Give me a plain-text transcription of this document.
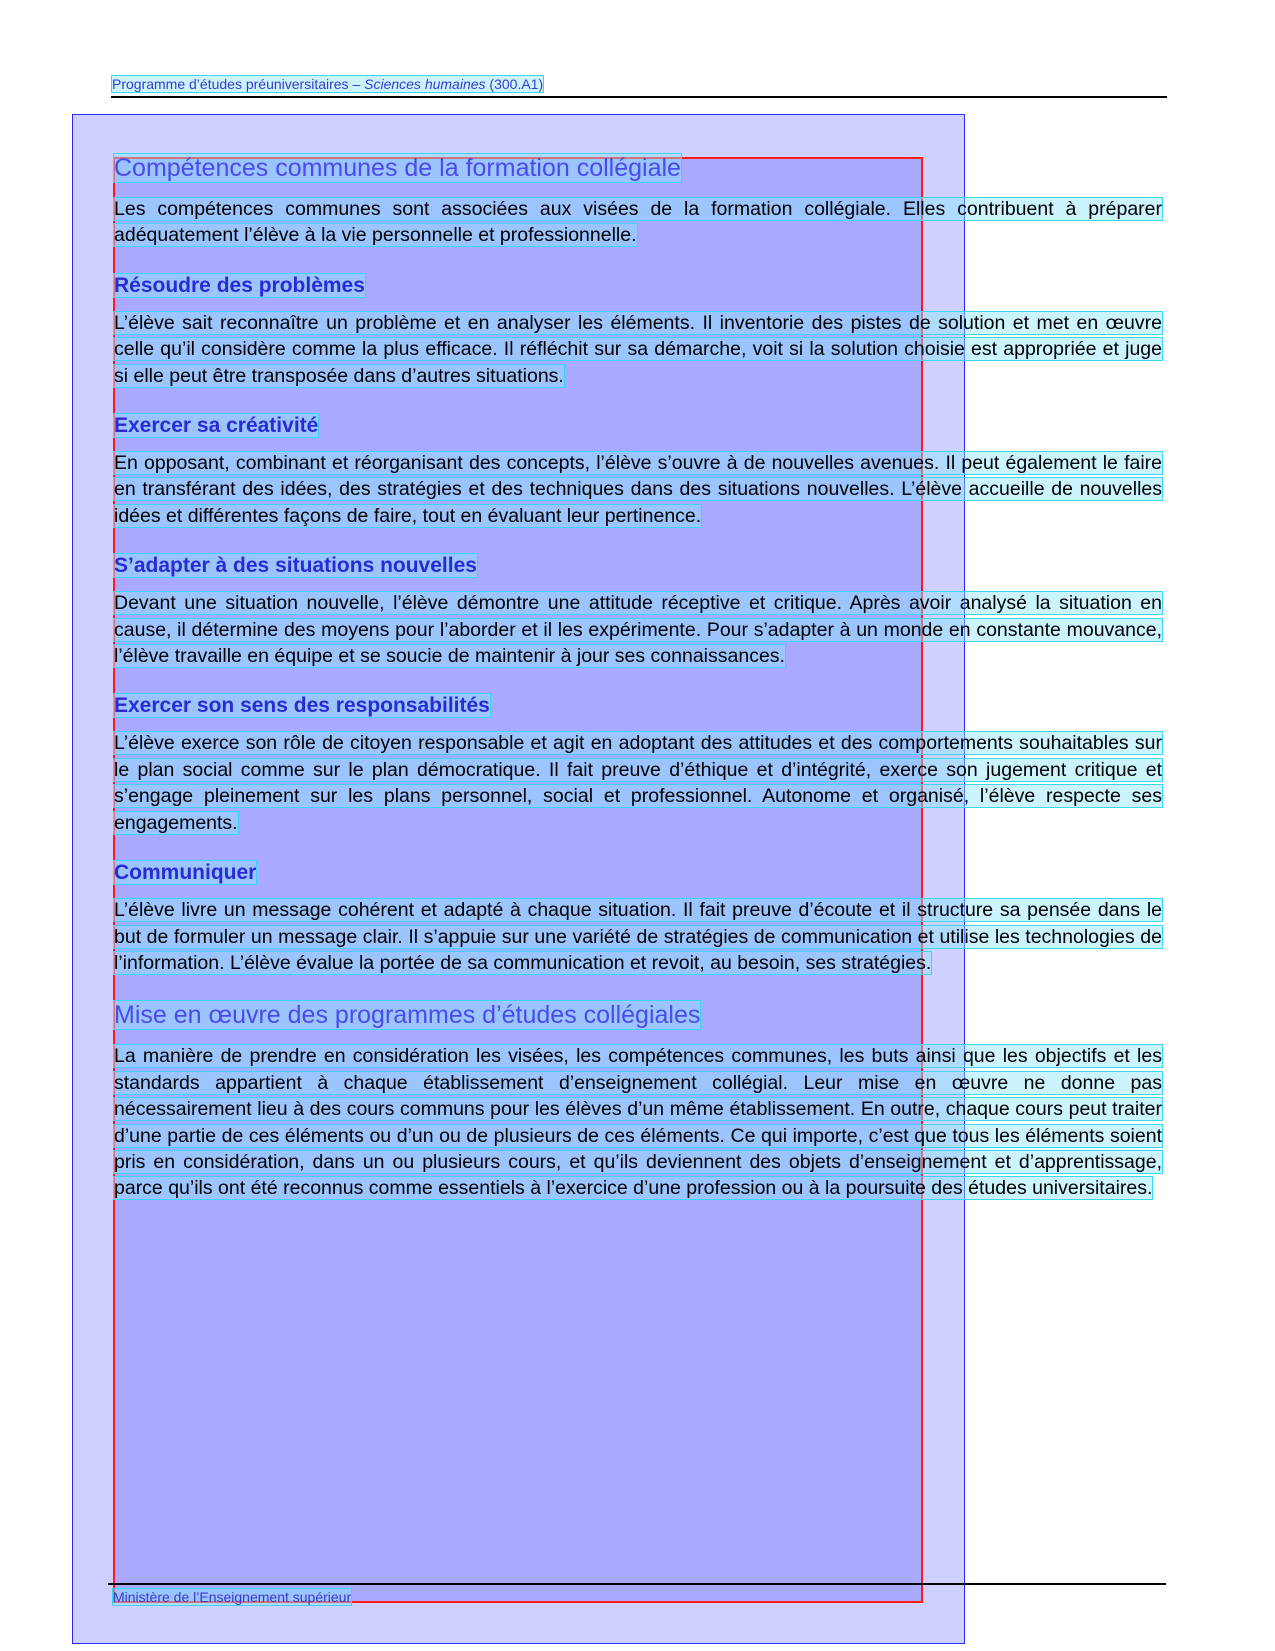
Programme d’études préuniversitaires – Sciences humaines (300.A1)
Compétences communes de la formation collégiale

Les compétences communes sont associées aux visées de la formation collégiale. Elles contribuent à préparer adéquatement l’élève à la vie personnelle et professionnelle.

Résoudre des problèmes

L’élève sait reconnaître un problème et en analyser les éléments. Il inventorie des pistes de solution et met en œuvre celle qu’il considère comme la plus efficace. Il réfléchit sur sa démarche, voit si la solution choisie est appropriée et juge si elle peut être transposée dans d’autres situations.

Exercer sa créativité

En opposant, combinant et réorganisant des concepts, l’élève s’ouvre à de nouvelles avenues. Il peut également le faire en transférant des idées, des stratégies et des techniques dans des situations nouvelles. L’élève accueille de nouvelles idées et différentes façons de faire, tout en évaluant leur pertinence.

S’adapter à des situations nouvelles

Devant une situation nouvelle, l’élève démontre une attitude réceptive et critique. Après avoir analysé la situation en cause, il détermine des moyens pour l’aborder et il les expérimente. Pour s’adapter à un monde en constante mouvance, l’élève travaille en équipe et se soucie de maintenir à jour ses connaissances.

Exercer son sens des responsabilités

L’élève exerce son rôle de citoyen responsable et agit en adoptant des attitudes et des comportements souhaitables sur le plan social comme sur le plan démocratique. Il fait preuve d’éthique et d’intégrité, exerce son jugement critique et s’engage pleinement sur les plans personnel, social et professionnel. Autonome et organisé, l’élève respecte ses engagements.

Communiquer

L’élève livre un message cohérent et adapté à chaque situation. Il fait preuve d’écoute et il structure sa pensée dans le but de formuler un message clair. Il s’appuie sur une variété de stratégies de communication et utilise les technologies de l’information. L’élève évalue la portée de sa communication et revoit, au besoin, ses stratégies.

Mise en œuvre des programmes d’études collégiales

La manière de prendre en considération les visées, les compétences communes, les buts ainsi que les objectifs et les standards appartient à chaque établissement d’enseignement collégial. Leur mise en œuvre ne donne pas nécessairement lieu à des cours communs pour les élèves d’un même établissement. En outre, chaque cours peut traiter d’une partie de ces éléments ou d’un ou de plusieurs de ces éléments. Ce qui importe, c’est que tous les éléments soient pris en considération, dans un ou plusieurs cours, et qu’ils deviennent des objets d’enseignement et d’apprentissage, parce qu’ils ont été reconnus comme essentiels à l’exercice d’une profession ou à la poursuite des études universitaires.

Ministère de l’Enseignement supérieur
